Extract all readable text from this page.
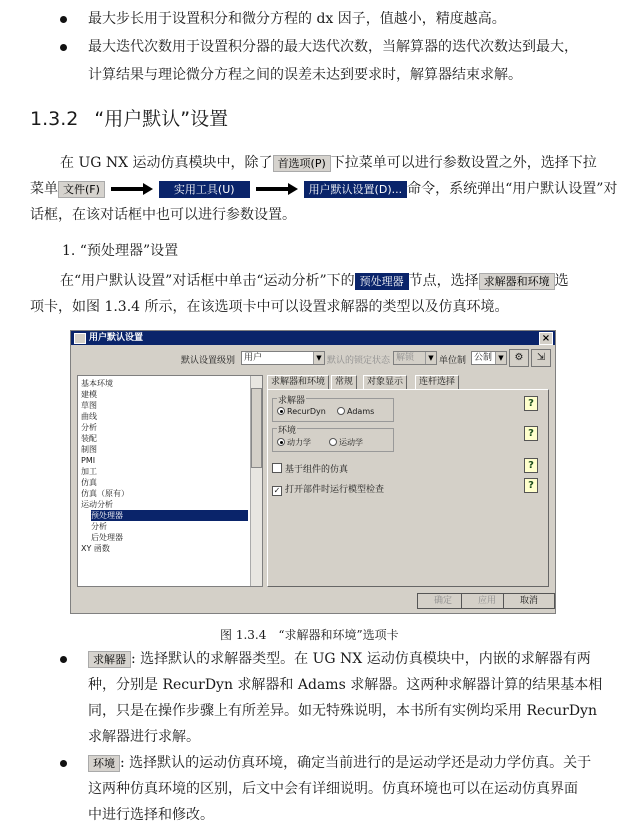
最大步长用于设置积分和微分方程的 dx 因子，值越小，精度越高。
最大迭代次数用于设置积分器的最大迭代次数，当解算器的迭代次数达到最大，
计算结果与理论微分方程之间的误差未达到要求时，解算器结束求解。
1.3.2 “用户默认”设置
在 UG NX 运动仿真模块中，除了 首选项(P) 下拉菜单可以进行参数设置之外，选择下拉
菜单 文件(F)	实用工具(U)	用户默认设置(D)... 命令，系统弹出“用户默认设置”对
话框，在该对话框中也可以进行参数设置。
1. “预处理器”设置
在“用户默认设置”对话框中单击“运动分析”下的 预处理器 节点，选择 求解器和环境 选
项卡，如图 1.3.4 所示，在该选项卡中可以设置求解器的类型以及仿真环境。
用户默认设置	×
默认设置级别 用户	▼ 默认的锁定状态 解锁	▼ 单位制 公制 ▼	⚙	⇲
基本环境
建模
草图
曲线
分析
装配
制图
PMI
加工
仿真
仿真（原有）
运动分析
预处理器
分析
后处理器
XY 函数
求解器和环境	常规	对象显示	连杆选择
求解器
RecurDyn	Adams
?
环境
动力学	运动学
?
基于组件的仿真	?
✓ 打开部件时运行模型检查	?
确定	应用	取消
图 1.3.4　“求解器和环境”选项卡
求解器 : 选择默认的求解器类型。在 UG NX 运动仿真模块中，内嵌的求解器有两
种，分别是 RecurDyn 求解器和 Adams 求解器。这两种求解器计算的结果基本相
同，只是在操作步骤上有所差异。如无特殊说明，本书所有实例均采用 RecurDyn
求解器进行求解。
环境 : 选择默认的运动仿真环境，确定当前进行的是运动学还是动力学仿真。关于
这两种仿真环境的区别，后文中会有详细说明。仿真环境也可以在运动仿真界面
中进行选择和修改。
